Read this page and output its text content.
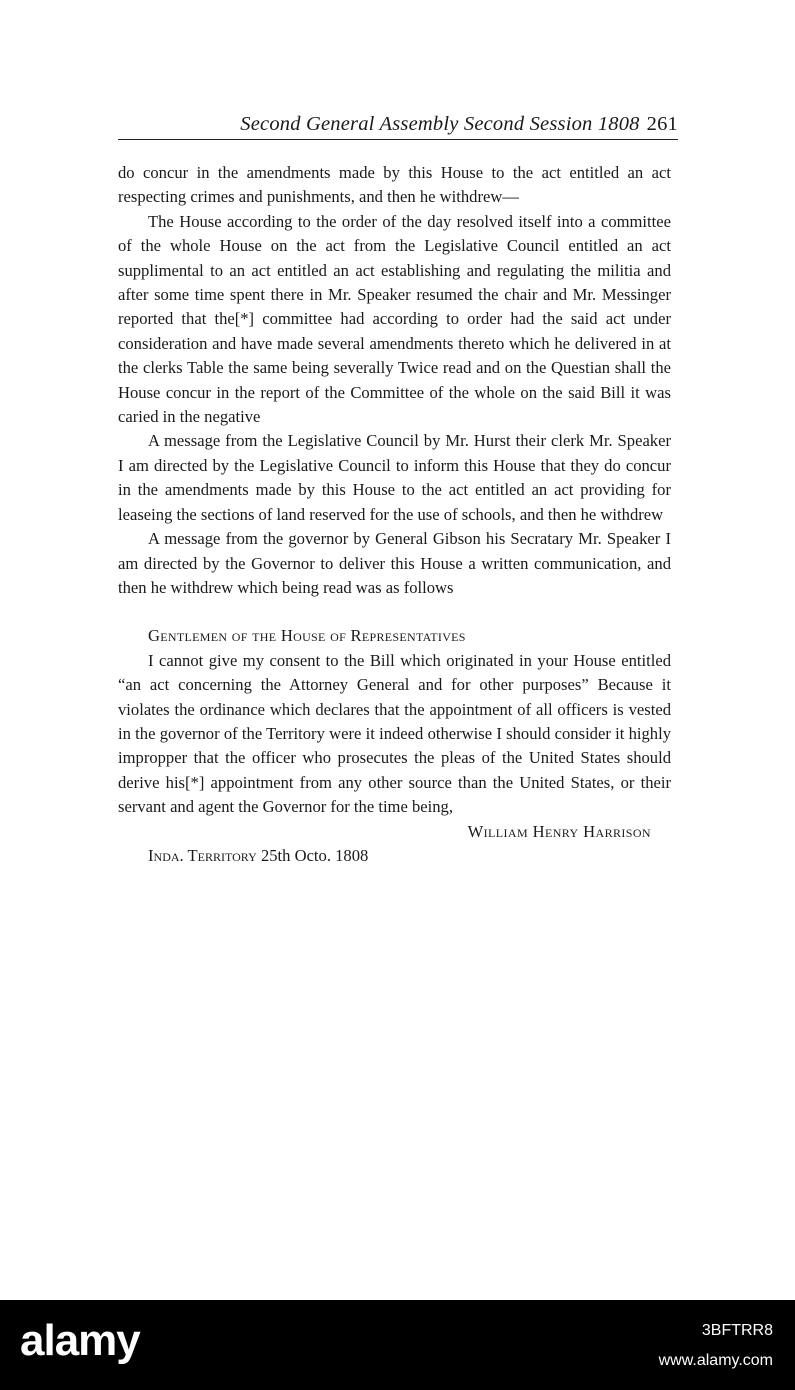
Second General Assembly Second Session 1808 261

do concur in the amendments made by this House to the act entitled an act respecting crimes and punishments, and then he withdrew—

The House according to the order of the day resolved itself into a committee of the whole House on the act from the Legislative Council entitled an act supplimental to an act entitled an act establishing and regulating the militia and after some time spent there in Mr. Speaker resumed the chair and Mr. Messinger reported that the[*] committee had according to order had the said act under consideration and have made several amendments thereto which he delivered in at the clerks Table the same being severally Twice read and on the Questian shall the House concur in the report of the Committee of the whole on the said Bill it was caried in the negative

A message from the Legislative Council by Mr. Hurst their clerk Mr. Speaker I am directed by the Legislative Council to inform this House that they do concur in the amendments made by this House to the act entitled an act providing for leaseing the sections of land reserved for the use of schools, and then he withdrew

A message from the governor by General Gibson his Secratary Mr. Speaker I am directed by the Governor to deliver this House a written communication, and then he withdrew which being read was as follows

Gentlemen of the House of Representatives

I cannot give my consent to the Bill which originated in your House entitled “an act concerning the Attorney General and for other purposes” Because it violates the ordinance which declares that the appointment of all officers is vested in the governor of the Territory were it indeed otherwise I should consider it highly impropper that the officer who prosecutes the pleas of the United States should derive his[*] appointment from any other source than the United States, or their servant and agent the Governor for the time being,

William Henry Harrison

Inda. Territory 25th Octo. 1808

alamy	3BFTRR8
www.alamy.com
